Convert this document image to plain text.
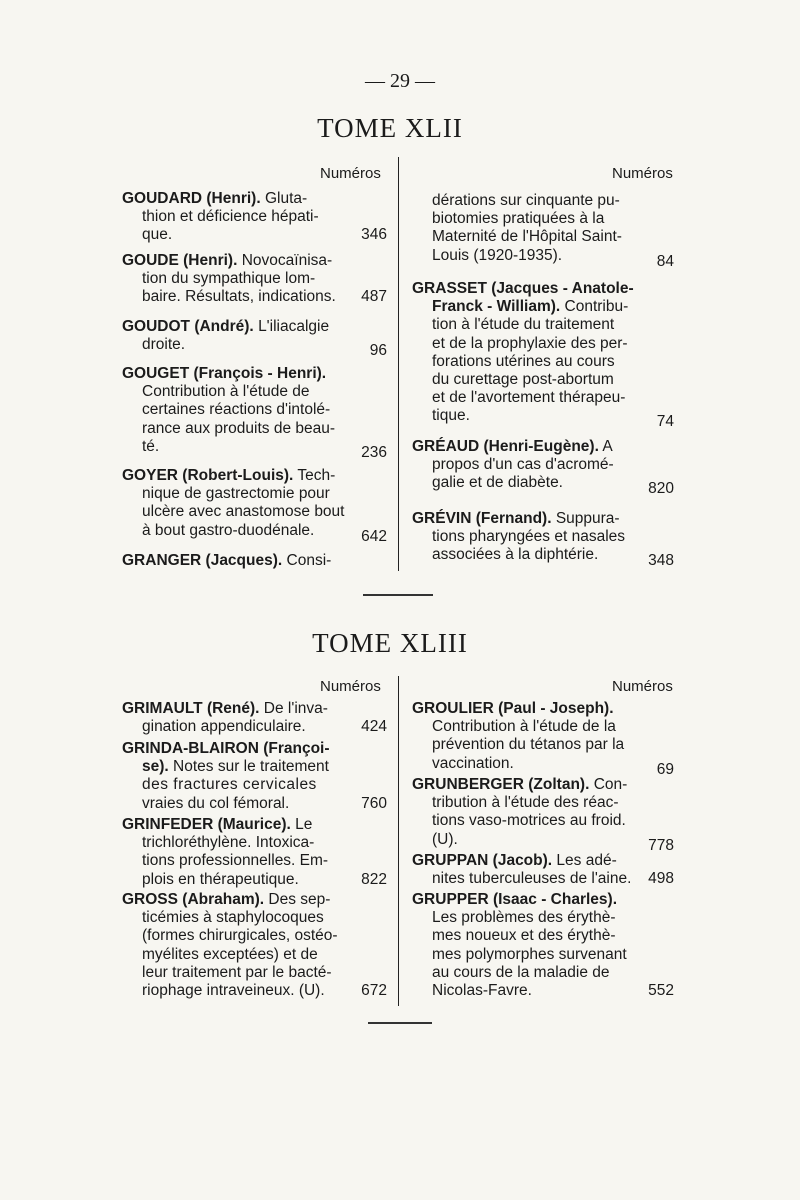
— 29 —
TOME XLII
Numéros	Numéros
GOUDARD (Henri). Gluta-
thion et déficience hépati-
que.	346
GOUDE (Henri). Novocaïnisa-
tion du sympathique lom-
baire. Résultats, indications. 487
GOUDOT (André). L'iliacalgie
droite.	96
GOUGET (François - Henri).
Contribution à l'étude de
certaines réactions d'intolé-
rance aux produits de beau-
té.	236
GOYER (Robert-Louis). Tech-
nique de gastrectomie pour
ulcère avec anastomose bout
à bout gastro-duodénale.	642
GRANGER (Jacques). Consi-
dérations sur cinquante pu-
biotomies pratiquées à la
Maternité de l'Hôpital Saint-
Louis (1920-1935).	84
GRASSET (Jacques - Anatole-
Franck - William). Contribu-
tion à l'étude du traitement
et de la prophylaxie des per-
forations utérines au cours
du curettage post-abortum
et de l'avortement thérapeu-
tique.	74
GRÉAUD (Henri-Eugène). A
propos d'un cas d'acromé-
galie et de diabète.	820
GRÉVIN (Fernand). Suppura-
tions pharyngées et nasales
associées à la diphtérie.	348
TOME XLIII
Numéros	Numéros
GRIMAULT (René). De l'inva-
gination appendiculaire.	424
GRINDA-BLAIRON (Françoi-
se). Notes sur le traitement
des fractures cervicales
vraies du col fémoral.	760
GRINFEDER (Maurice). Le
trichloréthylène. Intoxica-
tions professionnelles. Em-
plois en thérapeutique.	822
GROSS (Abraham). Des sep-
ticémies à staphylocoques
(formes chirurgicales, ostéo-
myélites exceptées) et de
leur traitement par le bacté-
riophage intraveineux. (U). 672
GROULIER (Paul - Joseph).
Contribution à l'étude de la
prévention du tétanos par la
vaccination.	69
GRUNBERGER (Zoltan). Con-
tribution à l'étude des réac-
tions vaso-motrices au froid.
(U).	778
GRUPPAN (Jacob). Les adé-
nites tuberculeuses de l'aine. 498
GRUPPER (Isaac - Charles).
Les problèmes des érythè-
mes noueux et des érythè-
mes polymorphes survenant
au cours de la maladie de
Nicolas-Favre.	552
